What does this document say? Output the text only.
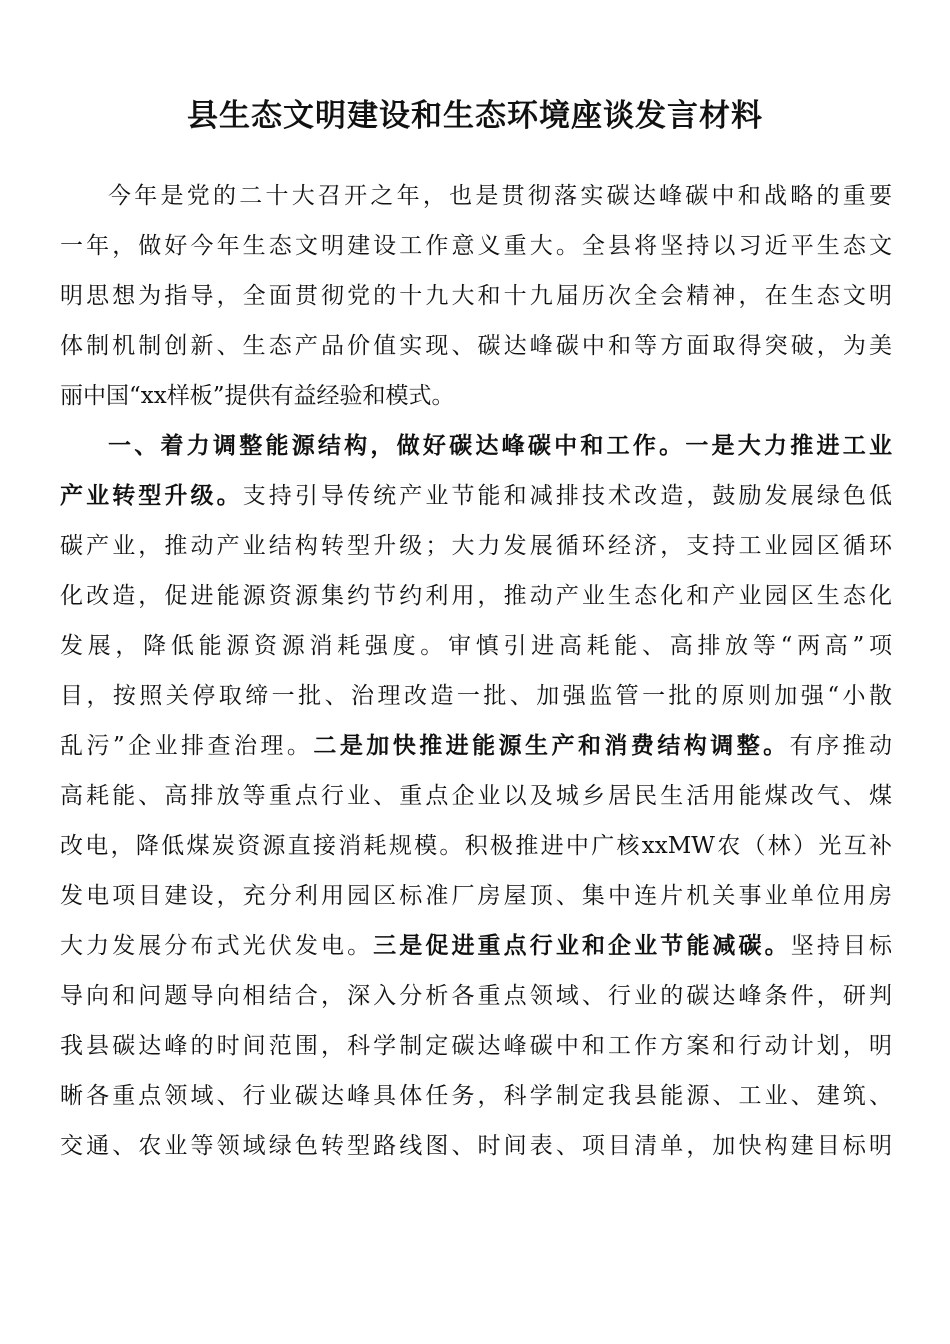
县生态文明建设和生态环境座谈发言材料
今年是党的二十大召开之年，也是贯彻落实碳达峰碳中和战略的重要
一年，做好今年生态文明建设工作意义重大。全县将坚持以习近平生态文
明思想为指导，全面贯彻党的十九大和十九届历次全会精神，在生态文明
体制机制创新、生态产品价值实现、碳达峰碳中和等方面取得突破，为美
丽中国“xx样板”提供有益经验和模式。
一、着力调整能源结构，做好碳达峰碳中和工作。一是大力推进工业
产业转型升级。支持引导传统产业节能和减排技术改造，鼓励发展绿色低
碳产业，推动产业结构转型升级；大力发展循环经济，支持工业园区循环
化改造，促进能源资源集约节约利用，推动产业生态化和产业园区生态化
发展，降低能源资源消耗强度。审慎引进高耗能、高排放等“两高”项
目，按照关停取缔一批、治理改造一批、加强监管一批的原则加强“小散
乱污”企业排查治理。二是加快推进能源生产和消费结构调整。有序推动
高耗能、高排放等重点行业、重点企业以及城乡居民生活用能煤改气、煤
改电，降低煤炭资源直接消耗规模。积极推进中广核xxMW农（林）光互补
发电项目建设，充分利用园区标准厂房屋顶、集中连片机关事业单位用房
大力发展分布式光伏发电。三是促进重点行业和企业节能减碳。坚持目标
导向和问题导向相结合，深入分析各重点领域、行业的碳达峰条件，研判
我县碳达峰的时间范围，科学制定碳达峰碳中和工作方案和行动计划，明
晰各重点领域、行业碳达峰具体任务，科学制定我县能源、工业、建筑、
交通、农业等领域绿色转型路线图、时间表、项目清单，加快构建目标明
